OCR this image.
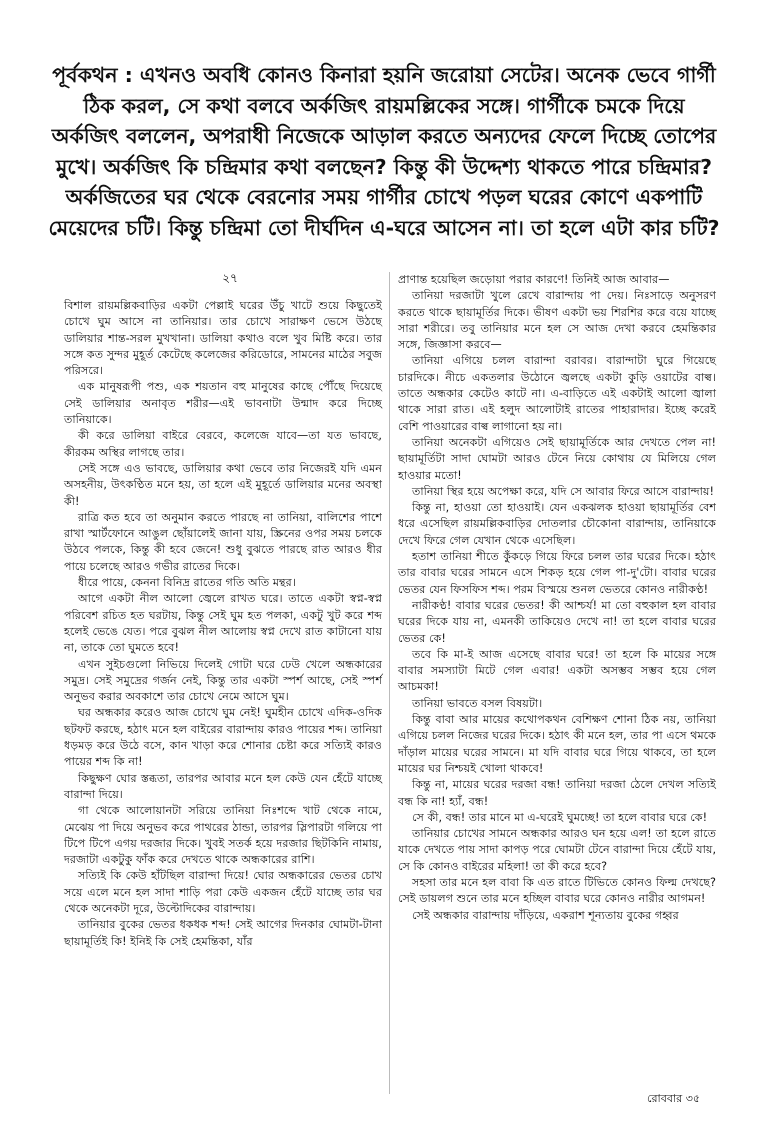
পূর্বকথন : এখনও অবধি কোনও কিনারা হয়নি জরোয়া সেটের। অনেক ভেবে গার্গী ঠিক করল, সে কথা বলবে অর্কজিৎ রায়মল্লিকের সঙ্গে। গার্গীকে চমকে দিয়ে অর্কজিৎ বললেন, অপরাধী নিজেকে আড়াল করতে অন্যদের ফেলে দিচ্ছে তোপের মুখে। অর্কজিৎ কি চন্দ্রিমার কথা বলছেন? কিন্তু কী উদ্দেশ্য থাকতে পারে চন্দ্রিমার? অর্কজিতের ঘর থেকে বেরনোর সময় গার্গীর চোখে পড়ল ঘরের কোণে একপাটি মেয়েদের চটি। কিন্তু চন্দ্রিমা তো দীর্ঘদিন এ-ঘরে আসেন না। তা হলে এটা কার চটি?
২৭

বিশাল রায়মল্লিকবাড়ির একটা পেল্লাই ঘরের উঁচু খাটে শুয়ে কিছুতেই চোখে ঘুম আসে না তানিয়ার। তার চোখে সারাক্ষণ ভেসে উঠছে ডালিয়ার শান্ত-সরল মুখখানা। ডালিয়া কথাও বলে খুব মিষ্টি করে। তার সঙ্গে কত সুন্দর মুহূর্ত কেটেছে কলেজের করিডোরে, সামনের মাঠের সবুজ পরিসরে।

এক মানুষরূপী পশু, এক শয়তান বহু মানুষের কাছে পৌঁছে দিয়েছে সেই ডালিয়ার অনাবৃত শরীর—এই ভাবনাটা উন্মাদ করে দিচ্ছে তানিয়াকে।

কী করে ডালিয়া বাইরে বেরবে, কলেজে যাবে—তা যত ভাবছে, কীরকম অস্থির লাগছে তার।

সেই সঙ্গে এও ভাবছে, ডালিয়ার কথা ভেবে তার নিজেরই যদি এমন অসহনীয়, উৎকণ্ঠিত মনে হয়, তা হলে এই মুহূর্তে ডালিয়ার মনের অবস্থা কী!

রাত্রি কত হবে তা অনুমান করতে পারছে না তানিয়া, বালিশের পাশে রাখা স্মার্টফোনে আঙুল ছোঁয়ালেই জানা যায়, স্ক্রিনের ওপর সময় চলকে উঠবে পলকে, কিন্তু কী হবে জেনে! শুধু বুঝতে পারছে রাত আরও ধীর পায়ে চলেছে আরও গভীর রাতের দিকে।

ধীরে পায়ে, কেননা বিনিদ্র রাতের গতি অতি মন্থর।

আগে একটা নীল আলো জ্বেলে রাখত ঘরে। তাতে একটা স্বপ্ন-স্বপ্ন পরিবেশ রচিত হত ঘরটায়, কিন্তু সেই ঘুম হত পলকা, একটু খুট করে শব্দ হলেই ভেঙে যেত। পরে বুঝল নীল আলোয় স্বপ্ন দেখে রাত কাটানো যায় না, তাকে তো ঘুমতে হবে!

এখন সুইচগুলো নিভিয়ে দিলেই গোটা ঘরে ঢেউ খেলে অন্ধকারের সমুদ্র। সেই সমুদ্রের গর্জন নেই, কিন্তু তার একটা স্পর্শ আছে, সেই স্পর্শ অনুভব করার অবকাশে তার চোখে নেমে আসে ঘুম।

ঘর অন্ধকার করেও আজ চোখে ঘুম নেই! ঘুমহীন চোখে এদিক-ওদিক ছটফট করছে, হঠাৎ মনে হল বাইরের বারান্দায় কারও পায়ের শব্দ। তানিয়া ধড়মড় করে উঠে বসে, কান খাড়া করে শোনার চেষ্টা করে সত্যিই কারও পায়ের শব্দ কি না!

কিছুক্ষণ ঘোর স্তব্ধতা, তারপর আবার মনে হল কেউ যেন হেঁটে যাচ্ছে বারান্দা দিয়ে।

গা থেকে আলোয়ানটা সরিয়ে তানিয়া নিঃশব্দে খাট থেকে নামে, মেঝেয় পা দিয়ে অনুভব করে পাথরের ঠান্ডা, তারপর স্লিপারটা গলিয়ে পা টিপে টিপে এগয় দরজার দিকে। খুবই সতর্ক হয়ে দরজার ছিটকিনি নামায়, দরজাটা একটুকু ফাঁক করে দেখতে থাকে অন্ধকারের রাশি।

সত্যিই কি কেউ হাঁটছিল বারান্দা দিয়ে! ঘোর অন্ধকারের ভেতর চোখ সয়ে এলে মনে হল সাদা শাড়ি পরা কেউ একজন হেঁটে যাচ্ছে তার ঘর থেকে অনেকটা দূরে, উল্টোদিকের বারান্দায়।

তানিয়ার বুকের ভেতর ধকধক শব্দ! সেই আগের দিনকার ঘোমটা-টানা ছায়ামূর্তিই কি! ইনিই কি সেই হেমন্তিকা, যাঁর

প্রাণান্ত হয়েছিল জড়োয়া পরার কারণে! তিনিই আজ আবার—

তানিয়া দরজাটা খুলে রেখে বারান্দায় পা দেয়। নিঃসাড়ে অনুসরণ করতে থাকে ছায়ামূর্তির দিকে। ভীষণ একটা ভয় শিরশির করে বয়ে যাচ্ছে সারা শরীরে। তবু তানিয়ার মনে হল সে আজ দেখা করবে হেমন্তিকার সঙ্গে, জিজ্ঞাসা করবে—

তানিয়া এগিয়ে চলল বারান্দা বরাবর। বারান্দাটা ঘুরে গিয়েছে চারদিকে। নীচে একতলার উঠোনে জ্বলছে একটা কুড়ি ওয়াটের বাল্ব। তাতে অন্ধকার কেটেও কাটে না। এ-বাড়িতে এই একটাই আলো জ্বালা থাকে সারা রাত। এই হলুদ আলোটাই রাতের পাহারাদার। ইচ্ছে করেই বেশি পাওয়ারের বাল্ব লাগানো হয় না।

তানিয়া অনেকটা এগিয়েও সেই ছায়ামূর্তিকে আর দেখতে পেল না! ছায়ামূর্তিটা সাদা ঘোমটা আরও টেনে নিয়ে কোথায় যে মিলিয়ে গেল হাওয়ার মতো!

তানিয়া স্থির হয়ে অপেক্ষা করে, যদি সে আবার ফিরে আসে বারান্দায়!

কিন্তু না, হাওয়া তো হাওয়াই। যেন একঝলক হাওয়া ছায়ামূর্তির বেশ ধরে এসেছিল রায়মল্লিকবাড়ির দোতলার চৌকোনা বারান্দায়, তানিয়াকে দেখে ফিরে গেল যেখান থেকে এসেছিল।

হতাশ তানিয়া শীতে কুঁকড়ে গিয়ে ফিরে চলল তার ঘরের দিকে। হঠাৎ তার বাবার ঘরের সামনে এসে শিকড় হয়ে গেল পা-দু'টো। বাবার ঘরের ভেতর যেন ফিসফিস শব্দ। পরম বিস্ময়ে শুনল ভেতরে কোনও নারীকণ্ঠ!

নারীকণ্ঠ! বাবার ঘরের ভেতর! কী আশ্চর্য! মা তো বহুকাল হল বাবার ঘরের দিকে যায় না, এমনকী তাকিয়েও দেখে না! তা হলে বাবার ঘরের ভেতর কে!

তবে কি মা-ই আজ এসেছে বাবার ঘরে! তা হলে কি মায়ের সঙ্গে বাবার সমস্যাটা মিটে গেল এবার! একটা অসম্ভব সম্ভব হয়ে গেল আচমকা!

তানিয়া ভাবতে বসল বিষয়টা।

কিন্তু বাবা আর মায়ের কথোপকথন বেশিক্ষণ শোনা ঠিক নয়, তানিয়া এগিয়ে চলল নিজের ঘরের দিকে। হঠাৎ কী মনে হল, তার পা এসে থমকে দাঁড়াল মায়ের ঘরের সামনে। মা যদি বাবার ঘরে গিয়ে থাকবে, তা হলে মায়ের ঘর নিশ্চয়ই খোলা থাকবে!

কিন্তু না, মায়ের ঘরের দরজা বন্ধ! তানিয়া দরজা ঠেলে দেখল সত্যিই বন্ধ কি না! হ্যাঁ, বন্ধ!

সে কী, বন্ধ! তার মানে মা এ-ঘরেই ঘুমচ্ছে! তা হলে বাবার ঘরে কে!

তানিয়ার চোখের সামনে অন্ধকার আরও ঘন হয়ে এল! তা হলে রাতে যাকে দেখতে পায় সাদা কাপড় পরে ঘোমটা টেনে বারান্দা দিয়ে হেঁটে যায়, সে কি কোনও বাইরের মহিলা! তা কী করে হবে?

সহসা তার মনে হল বাবা কি এত রাতে টিভিতে কোনও ফিল্ম দেখছে? সেই ডায়লগ শুনে তার মনে হচ্ছিল বাবার ঘরে কোনও নারীর আগমন!

সেই অন্ধকার বারান্দায় দাঁড়িয়ে, একরাশ শূন্যতায় বুকের গহ্বর

রোববার ৩৫
